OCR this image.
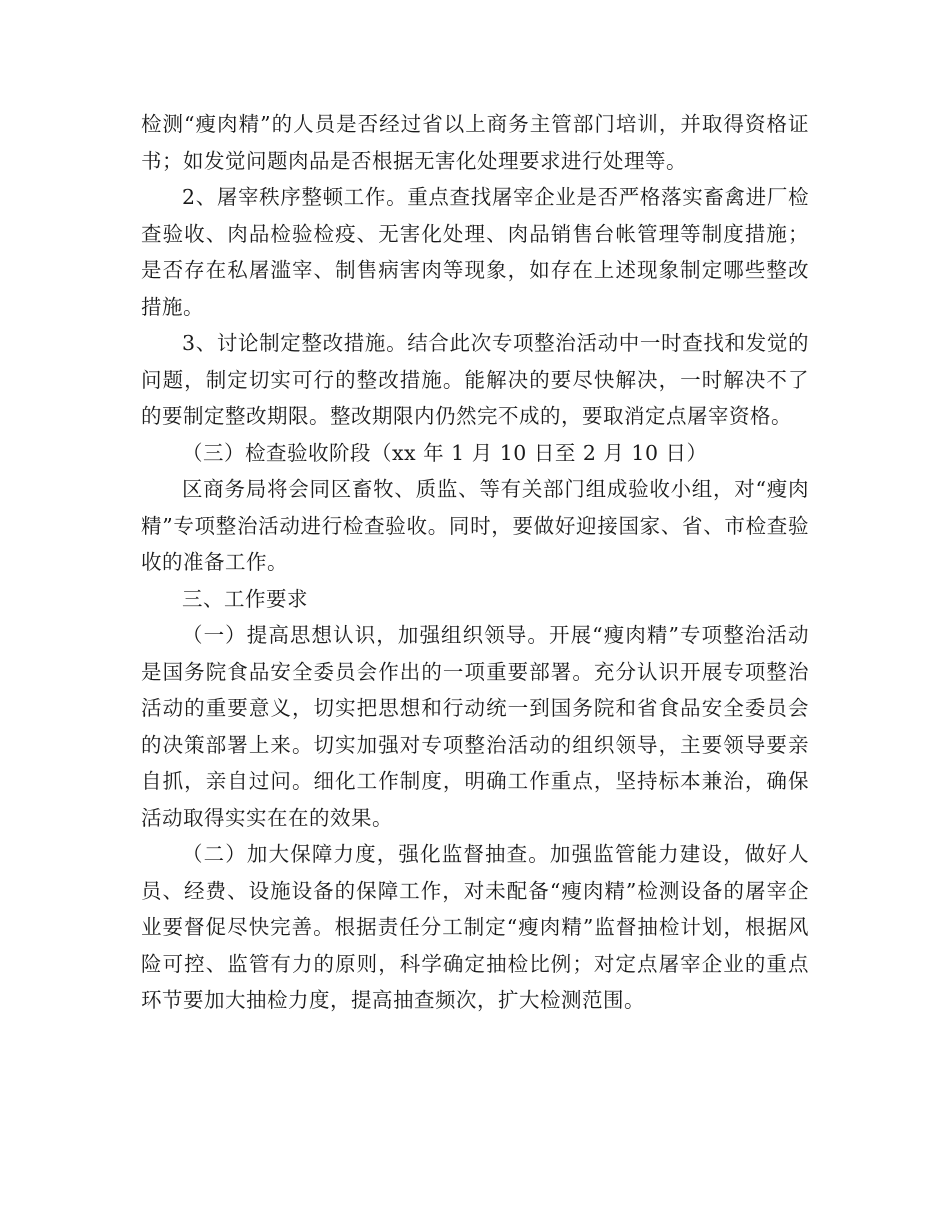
检测“瘦肉精”的人员是否经过省以上商务主管部门培训，并取得资格证书；如发觉问题肉品是否根据无害化处理要求进行处理等。

2、屠宰秩序整顿工作。重点查找屠宰企业是否严格落实畜禽进厂检查验收、肉品检验检疫、无害化处理、肉品销售台帐管理等制度措施；是否存在私屠滥宰、制售病害肉等现象，如存在上述现象制定哪些整改措施。

3、讨论制定整改措施。结合此次专项整治活动中一时查找和发觉的问题，制定切实可行的整改措施。能解决的要尽快解决，一时解决不了的要制定整改期限。整改期限内仍然完不成的，要取消定点屠宰资格。

（三）检查验收阶段（xx 年 1 月 10 日至 2 月 10 日）

区商务局将会同区畜牧、质监、等有关部门组成验收小组，对“瘦肉精”专项整治活动进行检查验收。同时，要做好迎接国家、省、市检查验收的准备工作。

三、工作要求

（一）提高思想认识，加强组织领导。开展“瘦肉精”专项整治活动是国务院食品安全委员会作出的一项重要部署。充分认识开展专项整治活动的重要意义，切实把思想和行动统一到国务院和省食品安全委员会的决策部署上来。切实加强对专项整治活动的组织领导，主要领导要亲自抓，亲自过问。细化工作制度，明确工作重点，坚持标本兼治，确保活动取得实实在在的效果。

（二）加大保障力度，强化监督抽查。加强监管能力建设，做好人员、经费、设施设备的保障工作，对未配备“瘦肉精”检测设备的屠宰企业要督促尽快完善。根据责任分工制定“瘦肉精”监督抽检计划，根据风险可控、监管有力的原则，科学确定抽检比例；对定点屠宰企业的重点环节要加大抽检力度，提高抽查频次，扩大检测范围。
